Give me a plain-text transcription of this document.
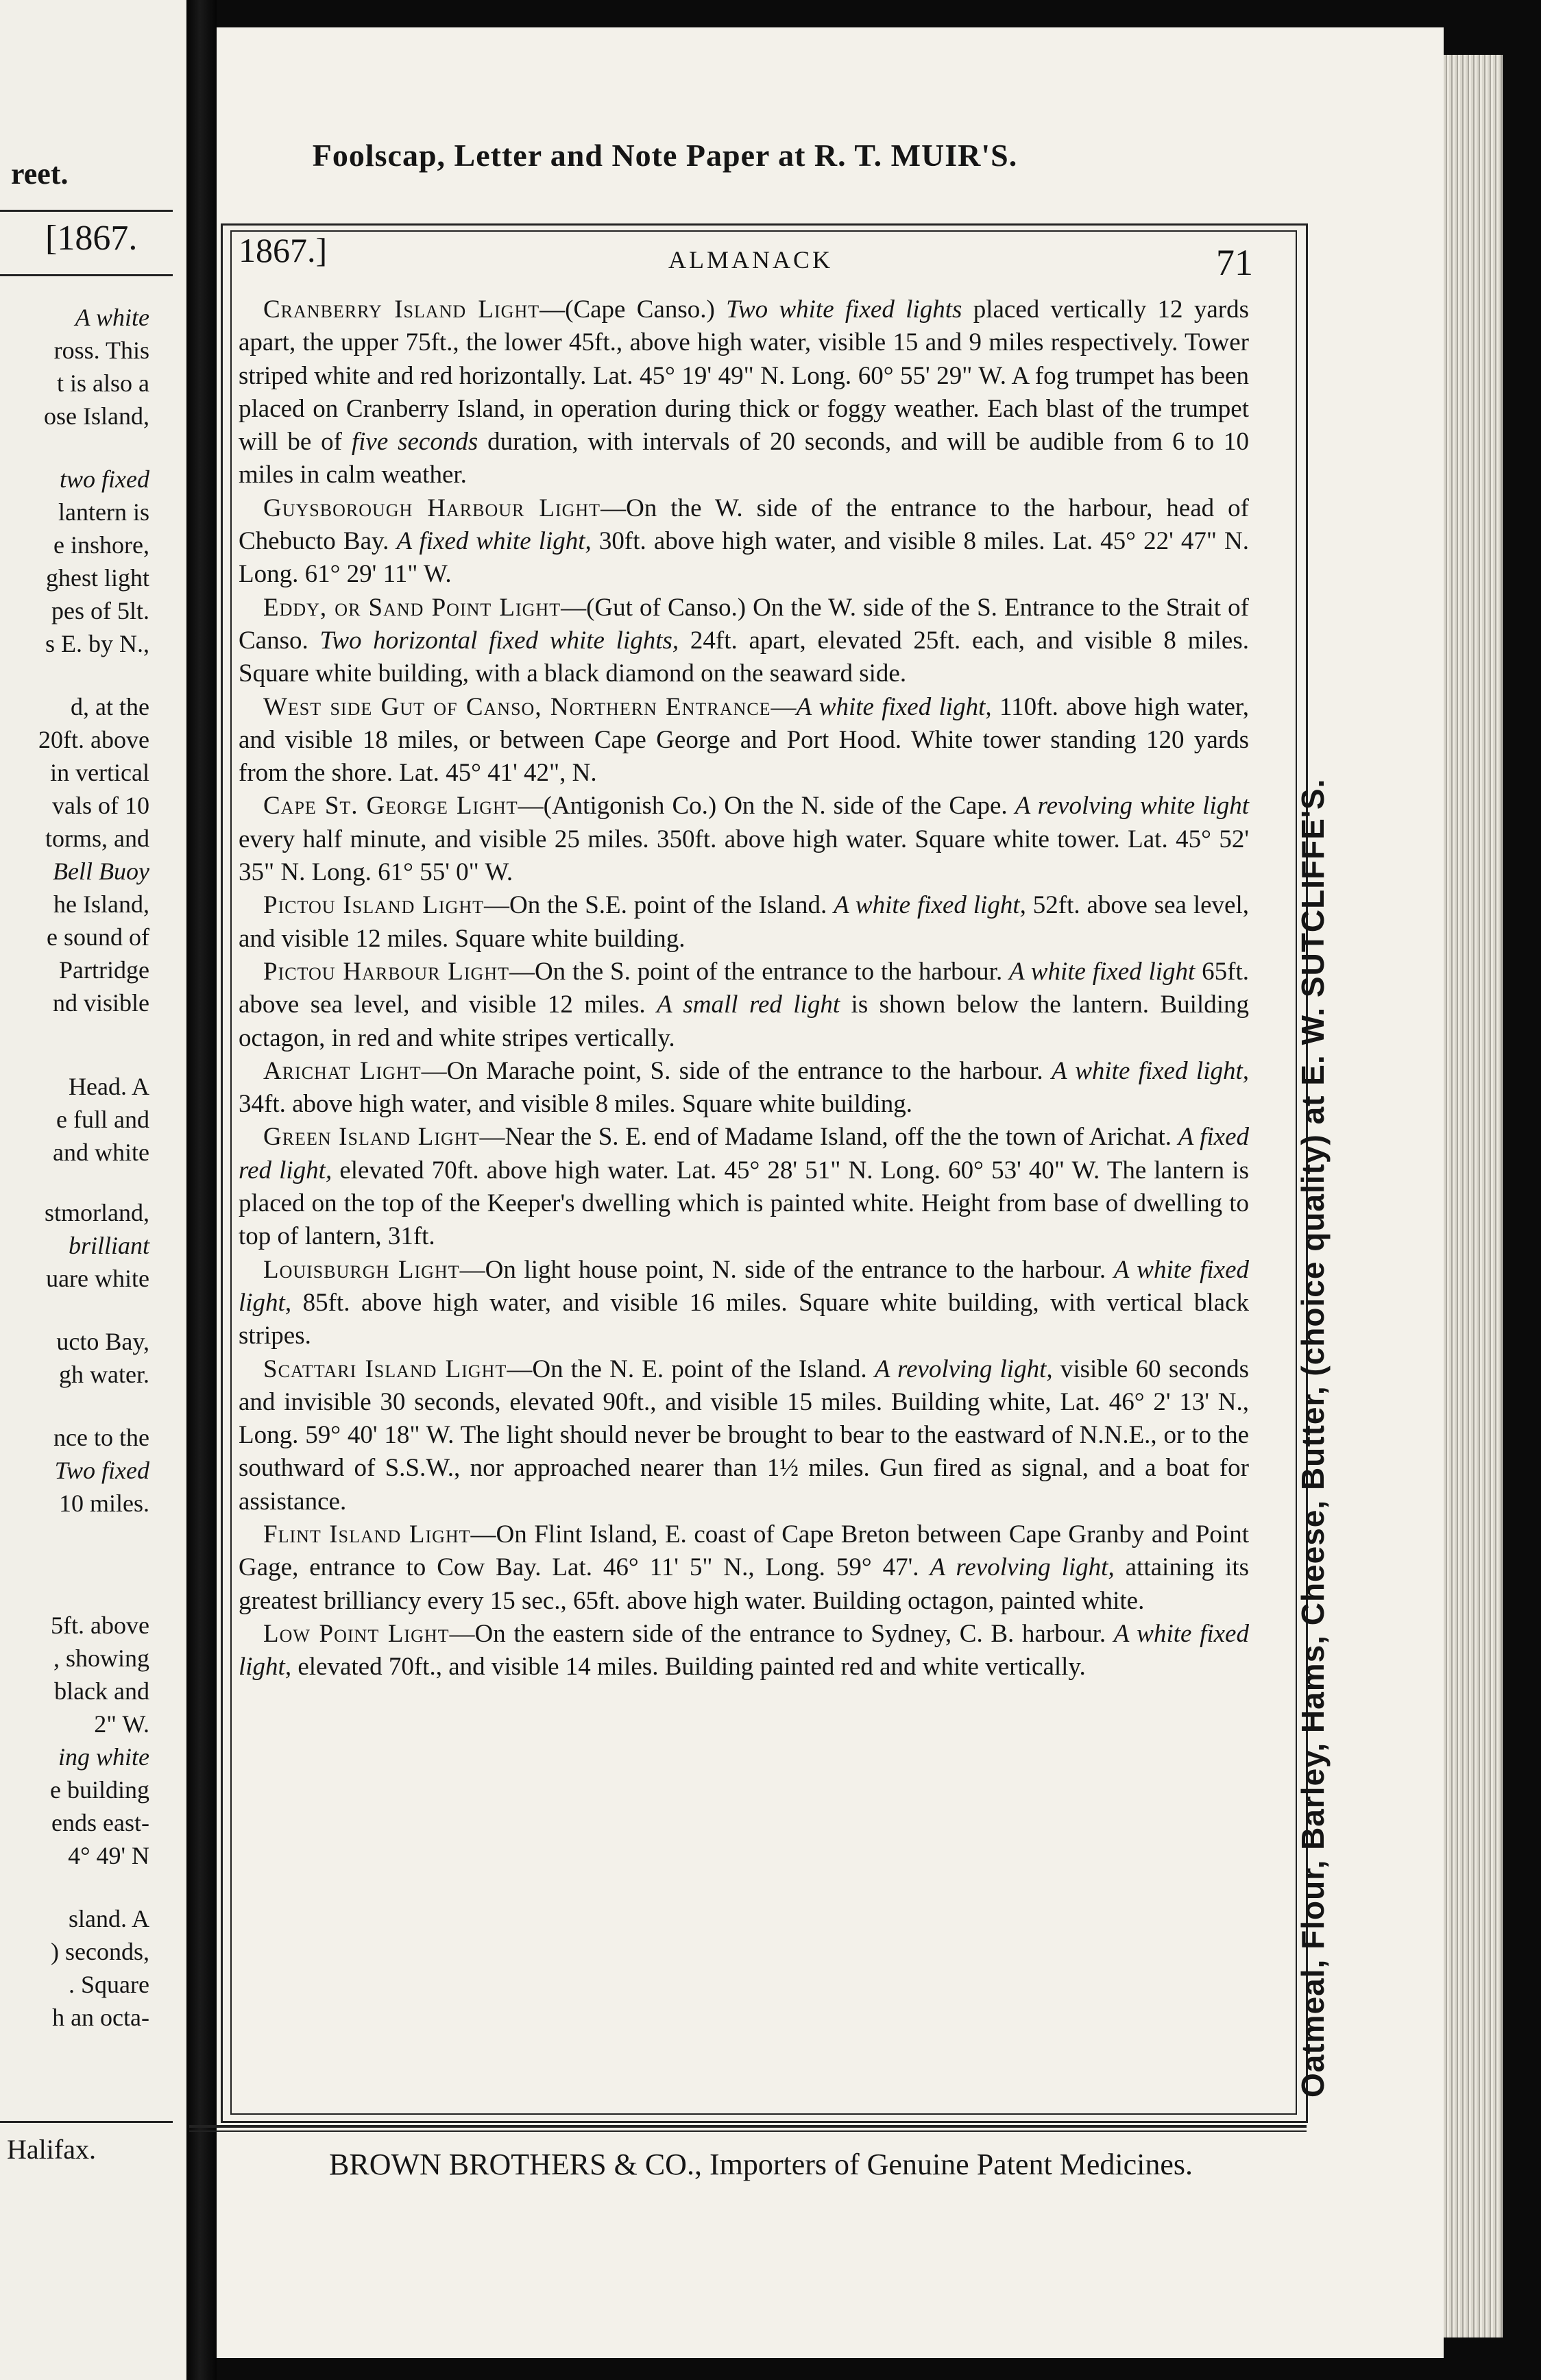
reet.
[1867.
A white
ross. This
t is also a
ose Island,
two fixed
lantern is
e inshore,
ghest light
pes of 5lt.
s E. by N.,
d, at the
20ft. above
in vertical
vals of 10
torms, and
Bell Buoy
he Island,
e sound of
Partridge
nd visible
Head. A
e full and
and white
stmorland,
brilliant
uare white
ucto Bay,
gh water.
nce to the
Two fixed
10 miles.
5ft. above
, showing
black and
2" W.
ing white
e building
ends east-
4° 49' N
sland. A
) seconds,
. Square
h an octa-
Halifax.
Foolscap, Letter and Note Paper at R. T. MUIR'S.
1867.]	ALMANACK	71

Cranberry Island Light—(Cape Canso.) Two white fixed lights placed vertically 12 yards apart, the upper 75ft., the lower 45ft., above high water, visible 15 and 9 miles respectively. Tower striped white and red horizontally. Lat. 45° 19' 49" N. Long. 60° 55' 29" W. A fog trumpet has been placed on Cranberry Island, in operation during thick or foggy weather. Each blast of the trumpet will be of five seconds duration, with intervals of 20 seconds, and will be audible from 6 to 10 miles in calm weather.

Guysborough Harbour Light—On the W. side of the entrance to the harbour, head of Chebucto Bay. A fixed white light, 30ft. above high water, and visible 8 miles. Lat. 45° 22' 47" N. Long. 61° 29' 11" W.

Eddy, or Sand Point Light—(Gut of Canso.) On the W. side of the S. Entrance to the Strait of Canso. Two horizontal fixed white lights, 24ft. apart, elevated 25ft. each, and visible 8 miles. Square white building, with a black diamond on the seaward side.

West side Gut of Canso, Northern Entrance—A white fixed light, 110ft. above high water, and visible 18 miles, or between Cape George and Port Hood. White tower standing 120 yards from the shore. Lat. 45° 41' 42", N.

Cape St. George Light—(Antigonish Co.) On the N. side of the Cape. A revolving white light every half minute, and visible 25 miles. 350ft. above high water. Square white tower. Lat. 45° 52' 35" N. Long. 61° 55' 0" W.

Pictou Island Light—On the S.E. point of the Island. A white fixed light, 52ft. above sea level, and visible 12 miles. Square white building.

Pictou Harbour Light—On the S. point of the entrance to the harbour. A white fixed light 65ft. above sea level, and visible 12 miles. A small red light is shown below the lantern. Building octagon, in red and white stripes vertically.

Arichat Light—On Marache point, S. side of the entrance to the harbour. A white fixed light, 34ft. above high water, and visible 8 miles. Square white building.

Green Island Light—Near the S. E. end of Madame Island, off the the town of Arichat. A fixed red light, elevated 70ft. above high water. Lat. 45° 28' 51" N. Long. 60° 53' 40" W. The lantern is placed on the top of the Keeper's dwelling which is painted white. Height from base of dwelling to top of lantern, 31ft.

Louisburgh Light—On light house point, N. side of the entrance to the harbour. A white fixed light, 85ft. above high water, and visible 16 miles. Square white building, with vertical black stripes.

Scattari Island Light—On the N. E. point of the Island. A revolving light, visible 60 seconds and invisible 30 seconds, elevated 90ft., and visible 15 miles. Building white, Lat. 46° 2' 13' N., Long. 59° 40' 18" W. The light should never be brought to bear to the eastward of N.N.E., or to the southward of S.S.W., nor approached nearer than 1½ miles. Gun fired as signal, and a boat for assistance.

Flint Island Light—On Flint Island, E. coast of Cape Breton between Cape Granby and Point Gage, entrance to Cow Bay. Lat. 46° 11' 5" N., Long. 59° 47'. A revolving light, attaining its greatest brilliancy every 15 sec., 65ft. above high water. Building octagon, painted white.

Low Point Light—On the eastern side of the entrance to Sydney, C. B. harbour. A white fixed light, elevated 70ft., and visible 14 miles. Building painted red and white vertically.

BROWN BROTHERS & CO., Importers of Genuine Patent Medicines.
Oatmeal, Flour, Barley, Hams, Cheese, Butter, (choice quality) at E. W. SUTCLIFFE'S.
